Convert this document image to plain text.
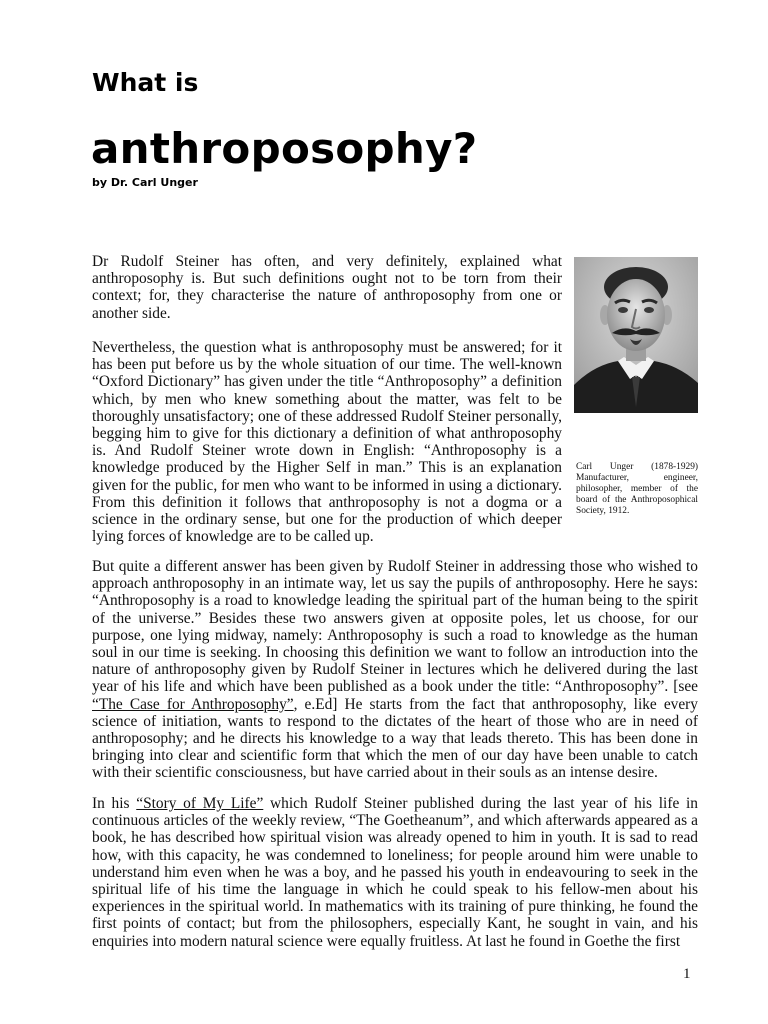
What is
anthroposophy?
by Dr. Carl Unger

Dr Rudolf Steiner has often, and very definitely, explained what anthroposophy is. But such definitions ought not to be torn from their context; for, they characterise the nature of anthroposophy from one or another side.

Nevertheless, the question what is anthroposophy must be answered; for it has been put before us by the whole situation of our time. The well-known “Oxford Dictionary” has given under the title “Anthroposophy” a definition which, by men who knew something about the matter, was felt to be thoroughly unsatisfactory; one of these addressed Rudolf Steiner personally, begging him to give for this dictionary a definition of what anthroposophy is. And Rudolf Steiner wrote down in English: “Anthroposophy is a knowledge produced by the Higher Self in man.” This is an explanation given for the public, for men who want to be informed in using a dictionary. From this definition it follows that anthroposophy is not a dogma or a science in the ordinary sense, but one for the production of which deeper lying forces of knowledge are to be called up.

Carl Unger (1878-1929) Manufacturer, engineer, philosopher, member of the board of the Anthroposophical Society, 1912.

But quite a different answer has been given by Rudolf Steiner in addressing those who wished to approach anthroposophy in an intimate way, let us say the pupils of anthroposophy. Here he says: “Anthroposophy is a road to knowledge leading the spiritual part of the human being to the spirit of the universe.” Besides these two answers given at opposite poles, let us choose, for our purpose, one lying midway, namely: Anthroposophy is such a road to knowledge as the human soul in our time is seeking. In choosing this definition we want to follow an introduction into the nature of anthroposophy given by Rudolf Steiner in lectures which he delivered during the last year of his life and which have been published as a book under the title: “Anthroposophy”. [see “The Case for Anthroposophy”, e.Ed] He starts from the fact that anthroposophy, like every science of initiation, wants to respond to the dictates of the heart of those who are in need of anthroposophy; and he directs his knowledge to a way that leads thereto. This has been done in bringing into clear and scientific form that which the men of our day have been unable to catch with their scientific consciousness, but have carried about in their souls as an intense desire.

In his “Story of My Life” which Rudolf Steiner published during the last year of his life in continuous articles of the weekly review, “The Goetheanum”, and which afterwards appeared as a book, he has described how spiritual vision was already opened to him in youth. It is sad to read how, with this capacity, he was condemned to loneliness; for people around him were unable to understand him even when he was a boy, and he passed his youth in endeavouring to seek in the spiritual life of his time the language in which he could speak to his fellow-men about his experiences in the spiritual world. In mathematics with its training of pure thinking, he found the first points of contact; but from the philosophers, especially Kant, he sought in vain, and his enquiries into modern natural science were equally fruitless. At last he found in Goethe the first

1
